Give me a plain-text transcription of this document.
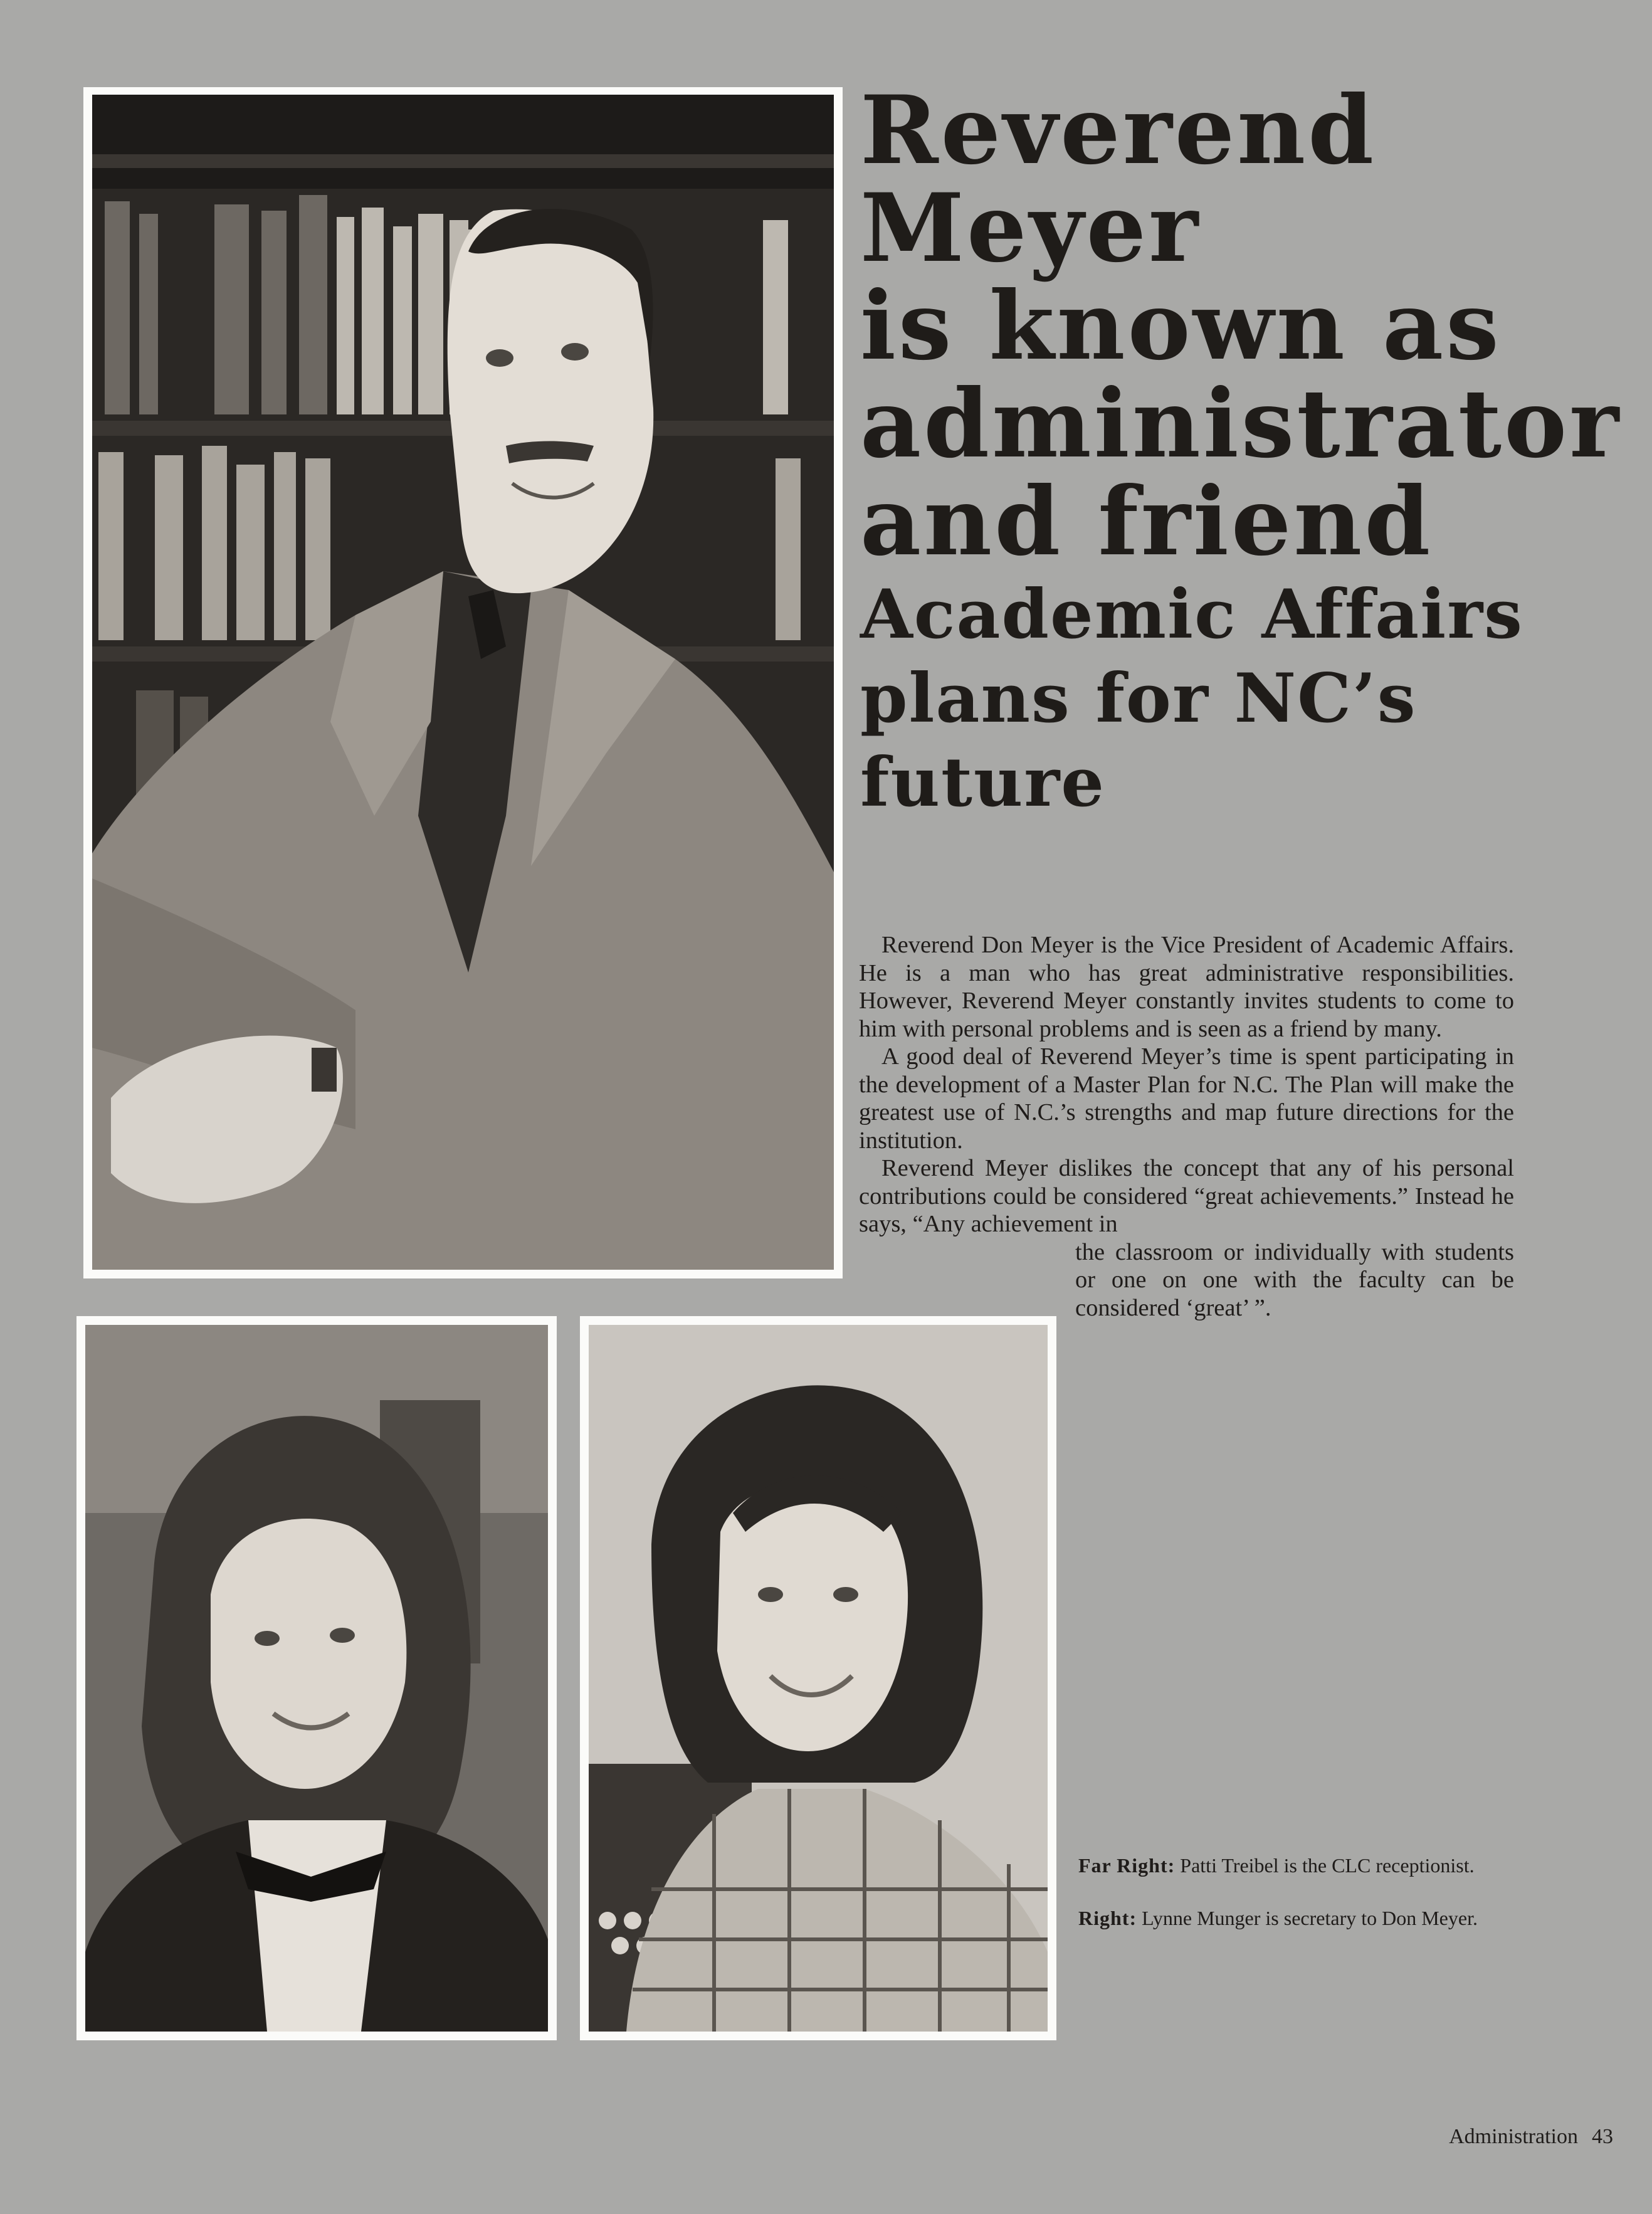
Reverend
Meyer
is known as
administrator
and friend
Academic Affairs
plans for NC’s
future

Reverend Don Meyer is the Vice President of Academic Affairs. He is a man who has great administrative responsibilities. However, Reverend Meyer constantly invites students to come to him with personal problems and is seen as a friend by many.

A good deal of Reverend Meyer’s time is spent participating in the development of a Master Plan for N.C. The Plan will make the greatest use of N.C.’s strengths and map future directions for the institution.

Reverend Meyer dislikes the concept that any of his personal contributions could be considered “great achievements.” Instead he says, “Any achievement in

the classroom or individually with students or one on one with the faculty can be considered ‘great’ ”.

Far Right: Patti Treibel is the CLC receptionist.

Right: Lynne Munger is secretary to Don Meyer.

Administration 43
